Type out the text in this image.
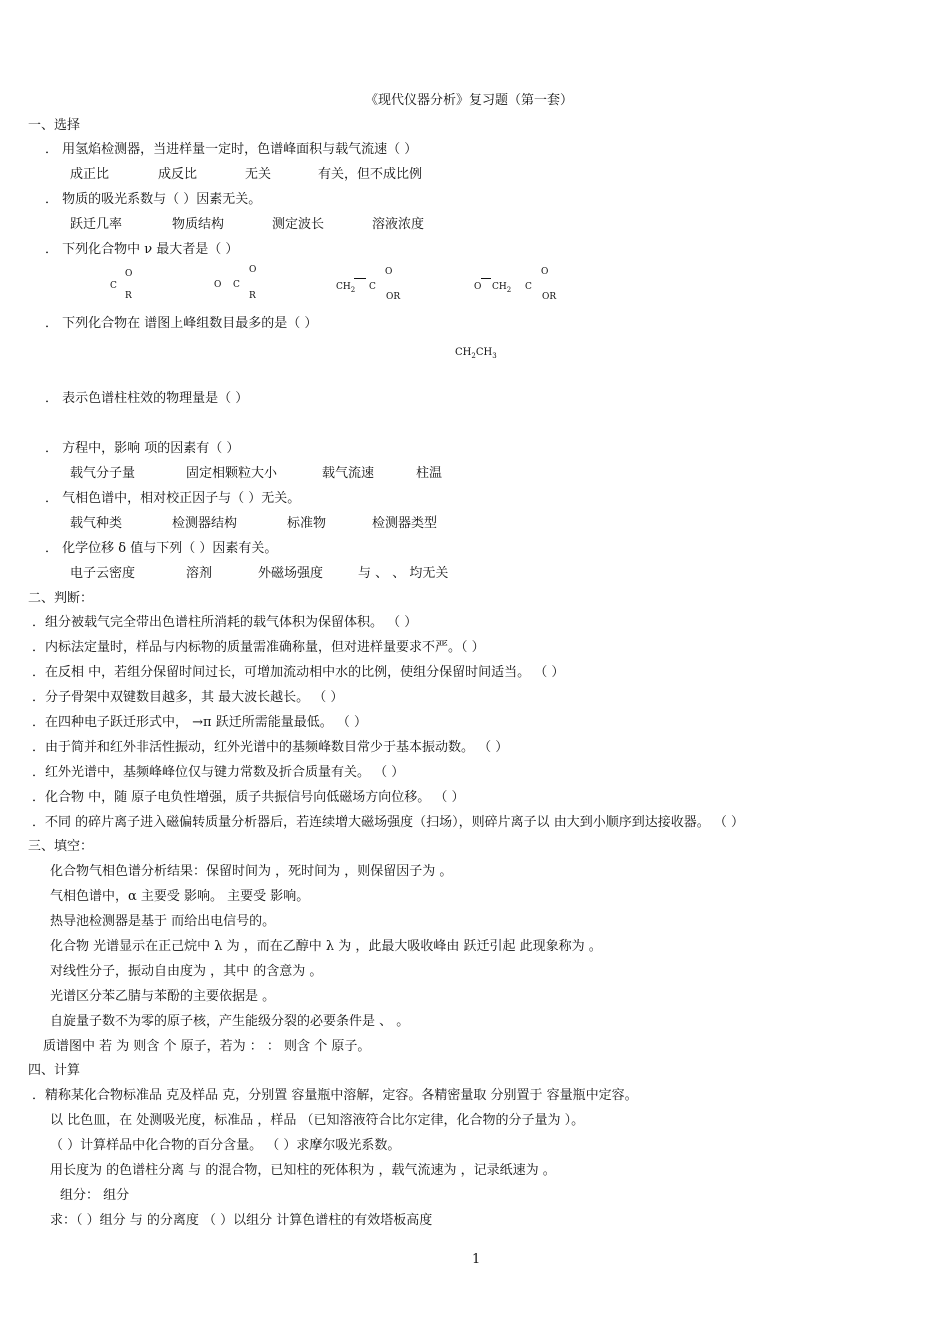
《现代仪器分析》复习题（第一套）
一、选择
． 用氢焰检测器，当进样量一定时，色谱峰面积与载气流速（ ）
成正比	成反比	无关	有关，但不成比例
． 物质的吸光系数与（ ）因素无关。
跃迁几率	物质结构	测定波长	溶液浓度
． 下列化合物中 ν 最大者是（ ）
O
C
R
O
O C
R
O
$CH_2$ C
OR
O
O $CH_2$ C
OR
． 下列化合物在 谱图上峰组数目最多的是（ ）
$CH_2CH_3$
． 表示色谱柱柱效的物理量是（ ）
． 方程中，影响 项的因素有（ ）
载气分子量	固定相颗粒大小	载气流速	柱温
． 气相色谱中，相对校正因子与（ ）无关。
载气种类	检测器结构	标准物	检测器类型
． 化学位移 δ 值与下列（ ）因素有关。
电子云密度	溶剂	外磁场强度	与 、 、 均无关
二、判断：
．组分被载气完全带出色谱柱所消耗的载气体积为保留体积。 （ ）
．内标法定量时，样品与内标物的质量需准确称量，但对进样量要求不严。（ ）
．在反相 中，若组分保留时间过长，可增加流动相中水的比例，使组分保留时间适当。 （ ）
．分子骨架中双键数目越多，其 最大波长越长。 （ ）
．在四种电子跃迁形式中， →π 跃迁所需能量最低。 （ ）
．由于简并和红外非活性振动，红外光谱中的基频峰数目常少于基本振动数。 （ ）
．红外光谱中，基频峰峰位仅与键力常数及折合质量有关。 （ ）
．化合物 中，随 原子电负性增强，质子共振信号向低磁场方向位移。 （ ）
．不同 的碎片离子进入磁偏转质量分析器后，若连续增大磁场强度（扫场），则碎片离子以 由大到小顺序到达接收器。 （ ）
三、填空：
化合物气相色谱分析结果：保留时间为 ，死时间为 ，则保留因子为 。
气相色谱中，α 主要受 影响。 主要受 影响。
热导池检测器是基于 而给出电信号的。
化合物 光谱显示在正己烷中 λ 为 ，而在乙醇中 λ 为 ，此最大吸收峰由 跃迁引起 此现象称为 。
对线性分子，振动自由度为 ，其中 的含意为 。
光谱区分苯乙腈与苯酚的主要依据是 。
自旋量子数不为零的原子核，产生能级分裂的必要条件是 、 。
质谱图中 若 为 则含 个 原子，若为 ： ： 则含 个 原子。
四、计算
．精称某化合物标准品 克及样品 克，分别置 容量瓶中溶解，定容。各精密量取 分别置于 容量瓶中定容。
以 比色皿，在 处测吸光度，标准品 ，样品 （已知溶液符合比尔定律，化合物的分子量为 ）。
（ ）计算样品中化合物的百分含量。 （ ）求摩尔吸光系数。
用长度为 的色谱柱分离 与 的混合物，已知柱的死体积为 ，载气流速为 ，记录纸速为 。
组分： 组分
求：（ ）组分 与 的分离度 （ ）以组分 计算色谱柱的有效塔板高度
1
